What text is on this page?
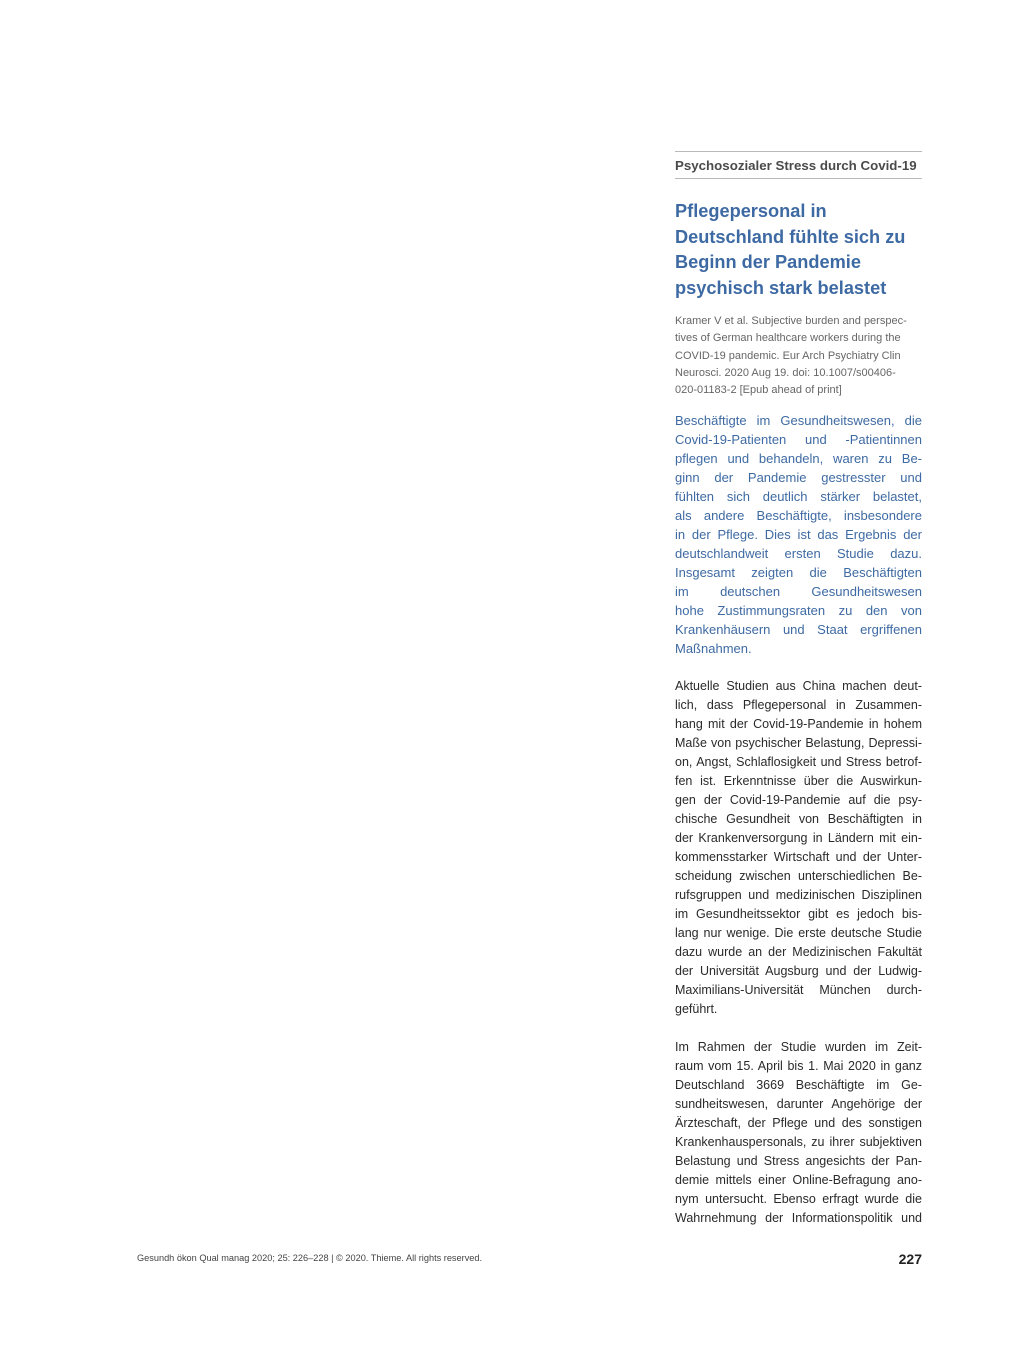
Psychosozialer Stress durch Covid-19
Pflegepersonal in
Deutschland fühlte sich zu
Beginn der Pandemie
psychisch stark belastet
Kramer V et al. Subjective burden and perspec-
tives of German healthcare workers during the
COVID-19 pandemic. Eur Arch Psychiatry Clin
Neurosci. 2020 Aug 19. doi: 10.1007/s00406-
020-01183-2 [Epub ahead of print]
Beschäftigte im Gesundheitswesen, die
Covid-19-Patienten und -Patientinnen
pflegen und behandeln, waren zu Be-
ginn der Pandemie gestresster und
fühlten sich deutlich stärker belastet,
als andere Beschäftigte, insbesondere
in der Pflege. Dies ist das Ergebnis der
deutschlandweit ersten Studie dazu.
Insgesamt zeigten die Beschäftigten
im deutschen Gesundheitswesen
hohe Zustimmungsraten zu den von
Krankenhäusern und Staat ergriffenen
Maßnahmen.
Aktuelle Studien aus China machen deut-
lich, dass Pflegepersonal in Zusammen-
hang mit der Covid-19-Pandemie in hohem
Maße von psychischer Belastung, Depressi-
on, Angst, Schlaflosigkeit und Stress betrof-
fen ist. Erkenntnisse über die Auswirkun-
gen der Covid-19-Pandemie auf die psy-
chische Gesundheit von Beschäftigten in
der Krankenversorgung in Ländern mit ein-
kommensstarker Wirtschaft und der Unter-
scheidung zwischen unterschiedlichen Be-
rufsgruppen und medizinischen Disziplinen
im Gesundheitssektor gibt es jedoch bis-
lang nur wenige. Die erste deutsche Studie
dazu wurde an der Medizinischen Fakultät
der Universität Augsburg und der Ludwig-
Maximilians-Universität München durch-
geführt.
Im Rahmen der Studie wurden im Zeit-
raum vom 15. April bis 1. Mai 2020 in ganz
Deutschland 3669 Beschäftigte im Ge-
sundheitswesen, darunter Angehörige der
Ärzteschaft, der Pflege und des sonstigen
Krankenhauspersonals, zu ihrer subjektiven
Belastung und Stress angesichts der Pan-
demie mittels einer Online-Befragung ano-
nym untersucht. Ebenso erfragt wurde die
Wahrnehmung der Informationspolitik und
Gesundh ökon Qual manag 2020; 25: 226–228 | © 2020. Thieme. All rights reserved.	227
